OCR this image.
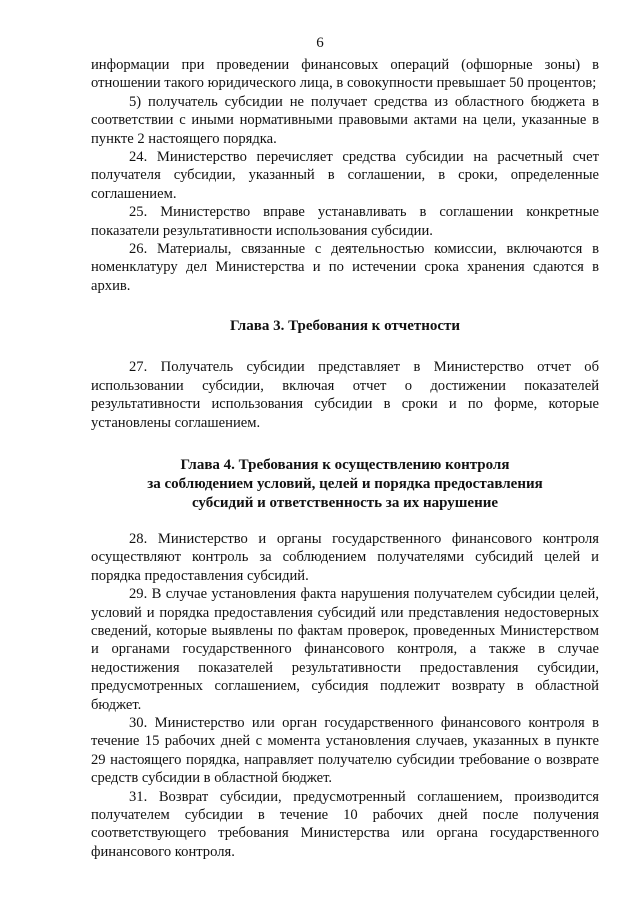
6

информации при проведении финансовых операций (офшорные зоны) в отношении такого юридического лица, в совокупности превышает 50 процентов;

5) получатель субсидии не получает средства из областного бюджета в соответствии с иными нормативными правовыми актами на цели, указанные в пункте 2 настоящего порядка.

24. Министерство перечисляет средства субсидии на расчетный счет получателя субсидии, указанный в соглашении, в сроки, определенные соглашением.

25. Министерство вправе устанавливать в соглашении конкретные показатели результативности использования субсидии.

26. Материалы, связанные с деятельностью комиссии, включаются в номенклатуру дел Министерства и по истечении срока хранения сдаются в архив.

Глава 3. Требования к отчетности

27. Получатель субсидии представляет в Министерство отчет об использовании субсидии, включая отчет о достижении показателей результативности использования субсидии в сроки и по форме, которые установлены соглашением.

Глава 4. Требования к осуществлению контроля
за соблюдением условий, целей и порядка предоставления
субсидий и ответственность за их нарушение

28. Министерство и органы государственного финансового контроля осуществляют контроль за соблюдением получателями субсидий целей и порядка предоставления субсидий.

29. В случае установления факта нарушения получателем субсидии целей, условий и порядка предоставления субсидий или представления недостоверных сведений, которые выявлены по фактам проверок, проведенных Министерством и органами государственного финансового контроля, а также в случае недостижения показателей результативности предоставления субсидии, предусмотренных соглашением, субсидия подлежит возврату в областной бюджет.

30. Министерство или орган государственного финансового контроля в течение 15 рабочих дней с момента установления случаев, указанных в пункте 29 настоящего порядка, направляет получателю субсидии требование о возврате средств субсидии в областной бюджет.

31. Возврат субсидии, предусмотренный соглашением, производится получателем субсидии в течение 10 рабочих дней после получения соответствующего требования Министерства или органа государственного финансового контроля.
